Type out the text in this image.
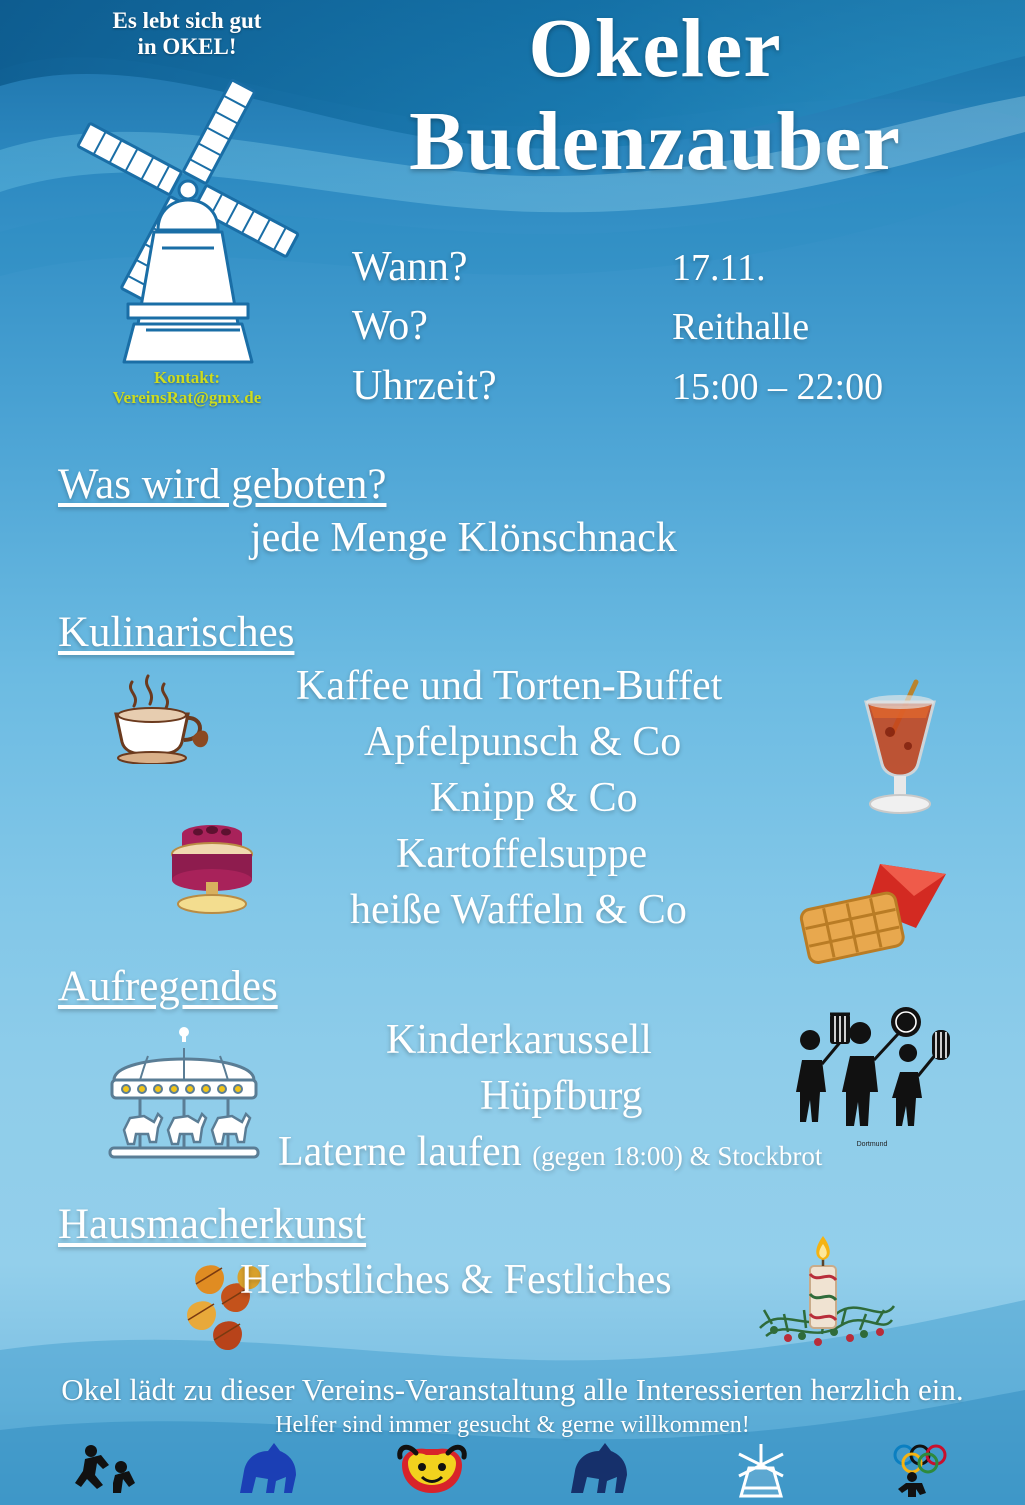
Es lebt sich gut
in OKEL!
Kontakt:
VereinsRat@gmx.de
Okeler
Budenzauber
Wann?	17.11.
Wo?	Reithalle
Uhrzeit?	15:00 – 22:00
Was wird geboten?
jede Menge Klönschnack
Kulinarisches
Kaffee und Torten-Buffet
Apfelpunsch & Co
Knipp & Co
Kartoffelsuppe
heiße Waffeln & Co
Aufregendes
Kinderkarussell
Hüpfburg
Laterne laufen (gegen 18:00) & Stockbrot	Dortmund
Hausmacherkunst
Herbstliches & Festliches
Okel lädt zu dieser Vereins-Veranstaltung alle Interessierten herzlich ein.
Helfer sind immer gesucht & gerne willkommen!
